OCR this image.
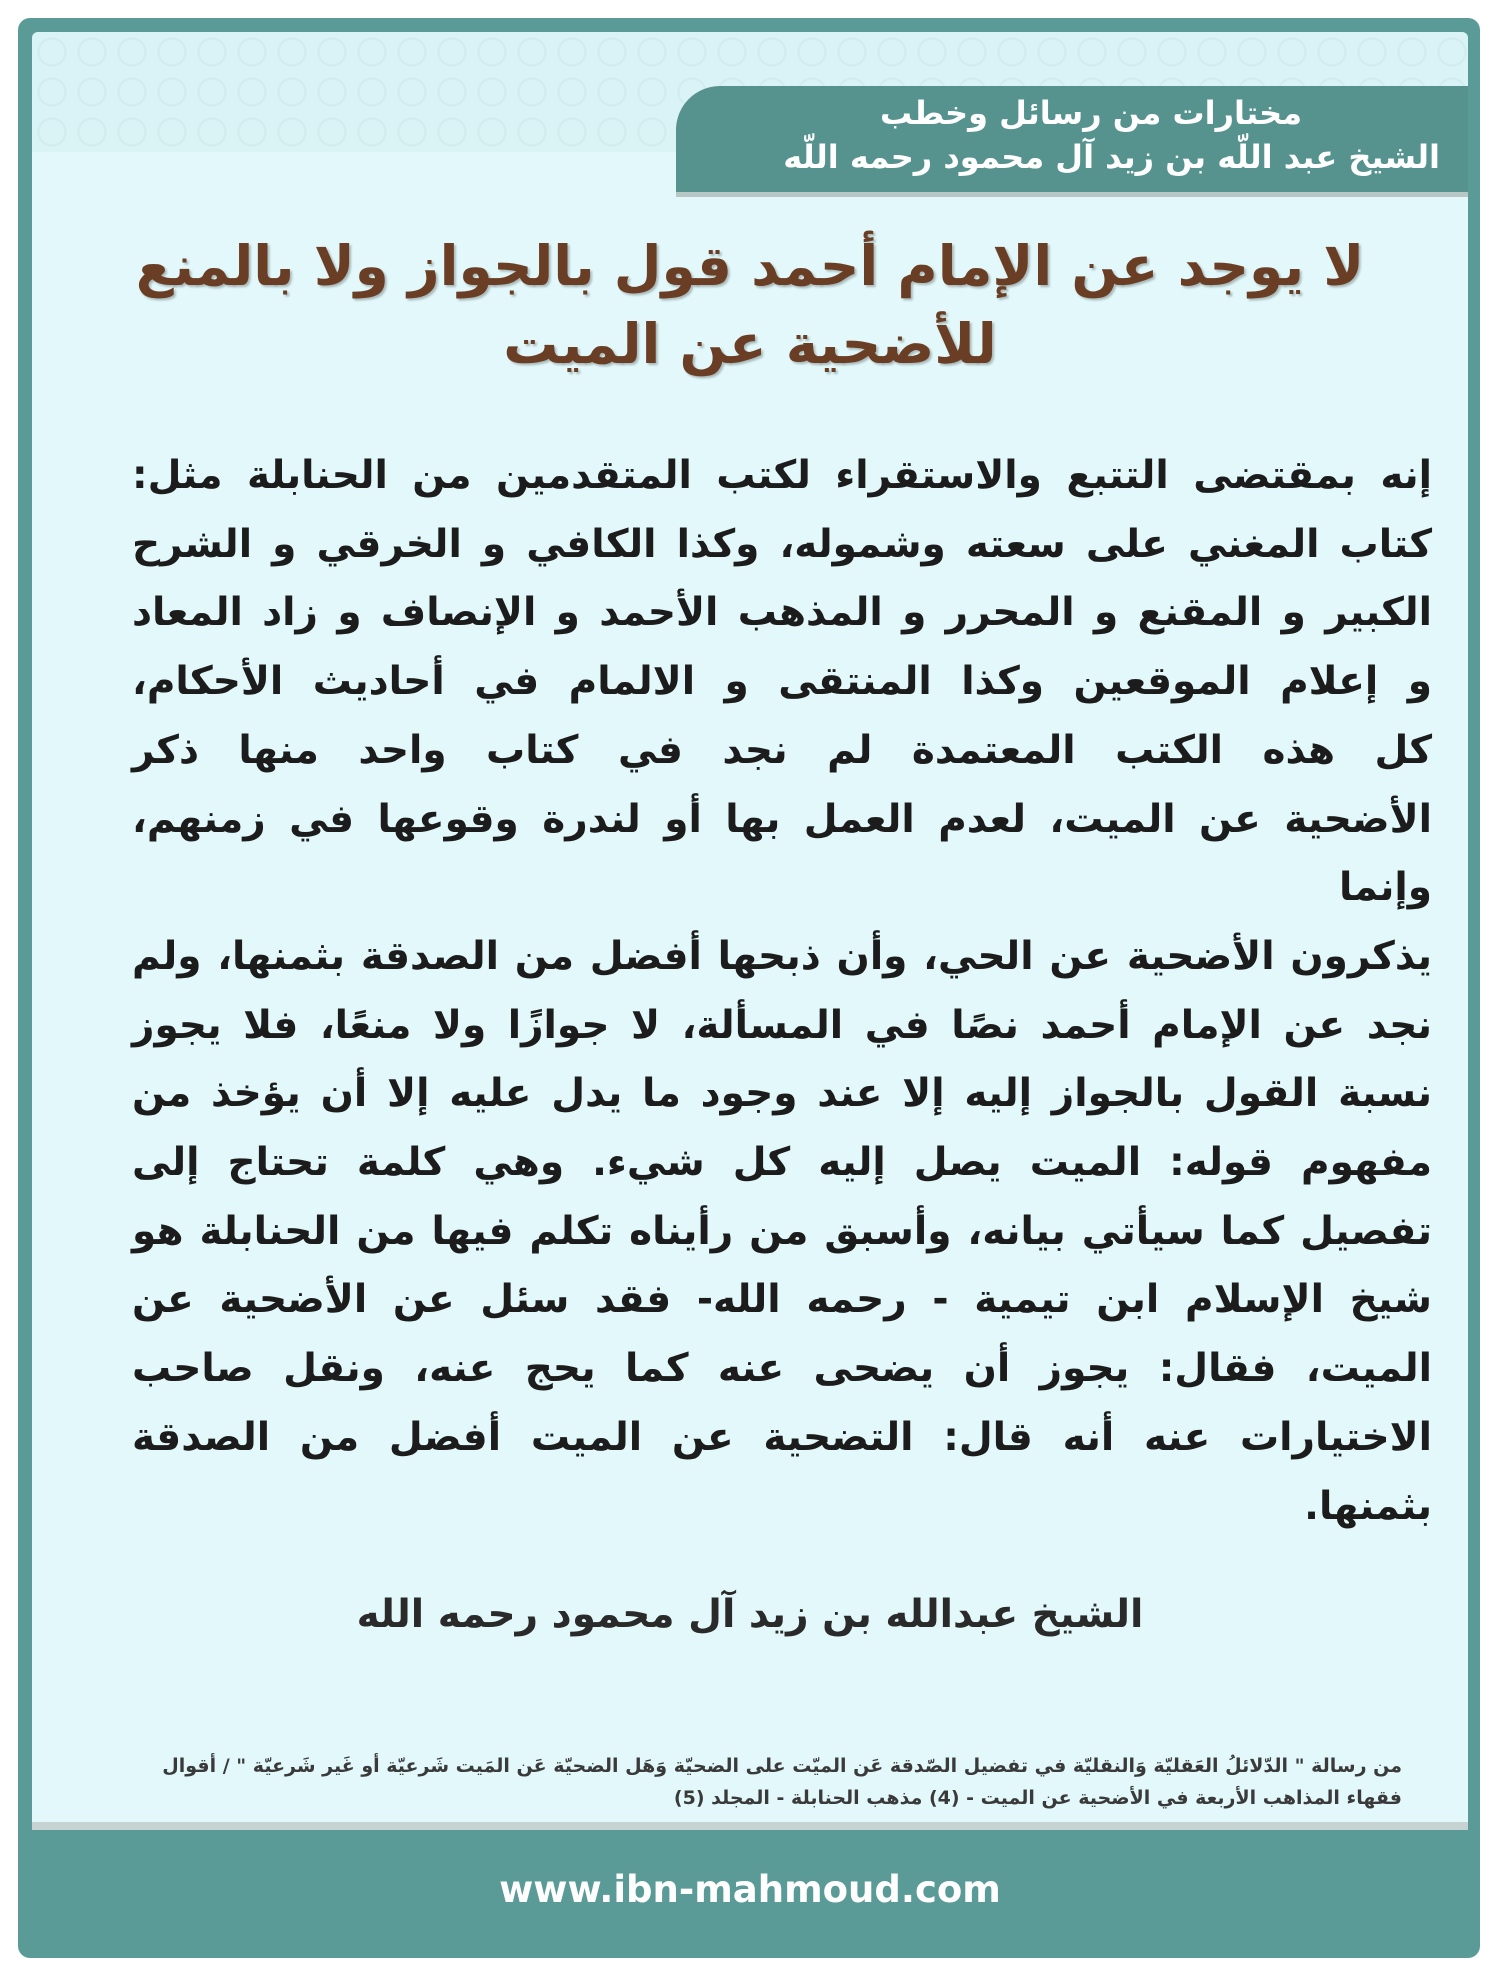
مختارات من رسائل وخطب
الشيخ عبد اللّه بن زيد آل محمود رحمه اللّه
لا يوجد عن الإمام أحمد قول بالجواز ولا بالمنع للأضحية عن الميت
إنه بمقتضى التتبع والاستقراء لكتب المتقدمين من الحنابلة مثل:
كتاب المغني على سعته وشموله، وكذا الكافي و الخرقي و الشرح
الكبير و المقنع و المحرر و المذهب الأحمد و الإنصاف و زاد المعاد
و إعلام الموقعين وكذا المنتقى و الالمام في أحاديث الأحكام،
كل هذه الكتب المعتمدة لم نجد في كتاب واحد منها ذكر
الأضحية عن الميت، لعدم العمل بها أو لندرة وقوعها في زمنهم، وإنما
يذكرون الأضحية عن الحي، وأن ذبحها أفضل من الصدقة بثمنها، ولم
نجد عن الإمام أحمد نصًا في المسألة، لا جوازًا ولا منعًا، فلا يجوز
نسبة القول بالجواز إليه إلا عند وجود ما يدل عليه إلا أن يؤخذ من
مفهوم قوله: الميت يصل إليه كل شيء. وهي كلمة تحتاج إلى
تفصيل كما سيأتي بيانه، وأسبق من رأيناه تكلم فيها من الحنابلة هو
شيخ الإسلام ابن تيمية - رحمه الله- فقد سئل عن الأضحية عن
الميت، فقال: يجوز أن يضحى عنه كما يحج عنه، ونقل صاحب
الاختيارات عنه أنه قال: التضحية عن الميت أفضل من الصدقة
بثمنها.
الشيخ عبدالله بن زيد آل محمود رحمه الله
من رسالة " الدّلائلُ العَقليّة وَالنقليّة في تفضيل الصّدقة عَن الميّت على الضحيّة وَهَل الضحيّة عَن المَيت شَرعيّة أو غَير شَرعيّة " / أقوال فقهاء المذاهب الأربعة في الأضحية عن الميت - (4) مذهب الحنابلة - المجلد (5)
www.ibn-mahmoud.com
